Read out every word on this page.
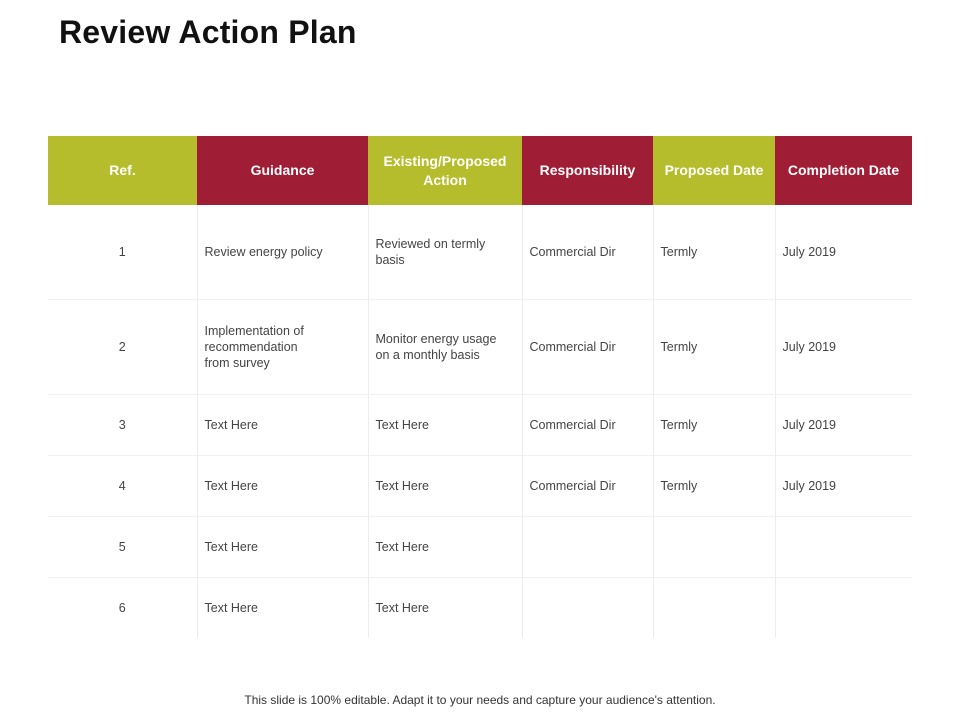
Review Action Plan
Ref.	Guidance	Existing/Proposed Action	Responsibility	Proposed Date	Completion Date
1	Review energy policy	Reviewed on termly basis	Commercial Dir	Termly	July 2019
2	Implementation of recommendation from survey	Monitor energy usage on a monthly basis	Commercial Dir	Termly	July 2019
3	Text Here	Text Here	Commercial Dir	Termly	July 2019
4	Text Here	Text Here	Commercial Dir	Termly	July 2019
5	Text Here	Text Here			
6	Text Here	Text Here			
This slide is 100% editable. Adapt it to your needs and capture your audience's attention.
